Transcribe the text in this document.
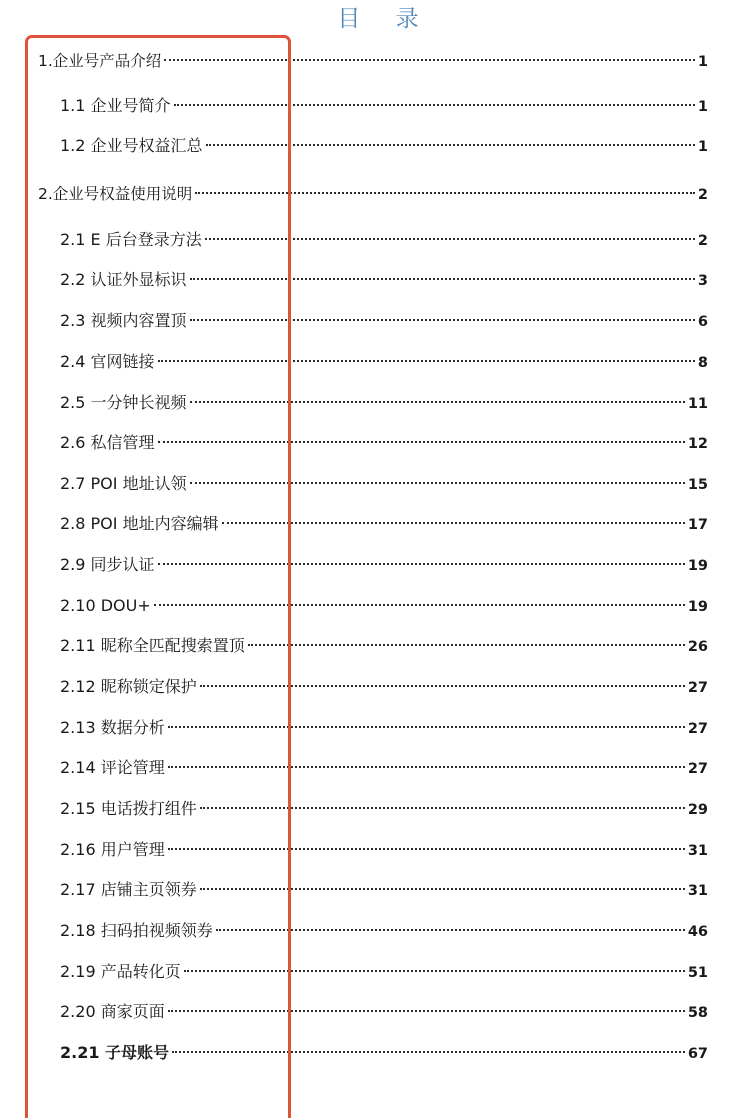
目 录
1.企业号产品介绍	1
1.1 企业号简介	1
1.2 企业号权益汇总	1
2.企业号权益使用说明	2
2.1 E 后台登录方法	2
2.2 认证外显标识	3
2.3 视频内容置顶	6
2.4 官网链接	8
2.5 一分钟长视频	11
2.6 私信管理	12
2.7 POI 地址认领	15
2.8 POI 地址内容编辑	17
2.9 同步认证	19
2.10 DOU+	19
2.11 昵称全匹配搜索置顶	26
2.12 昵称锁定保护	27
2.13 数据分析	27
2.14 评论管理	27
2.15 电话拨打组件	29
2.16 用户管理	31
2.17 店铺主页领券	31
2.18 扫码拍视频领券	46
2.19 产品转化页	51
2.20 商家页面	58
2.21 子母账号	67
